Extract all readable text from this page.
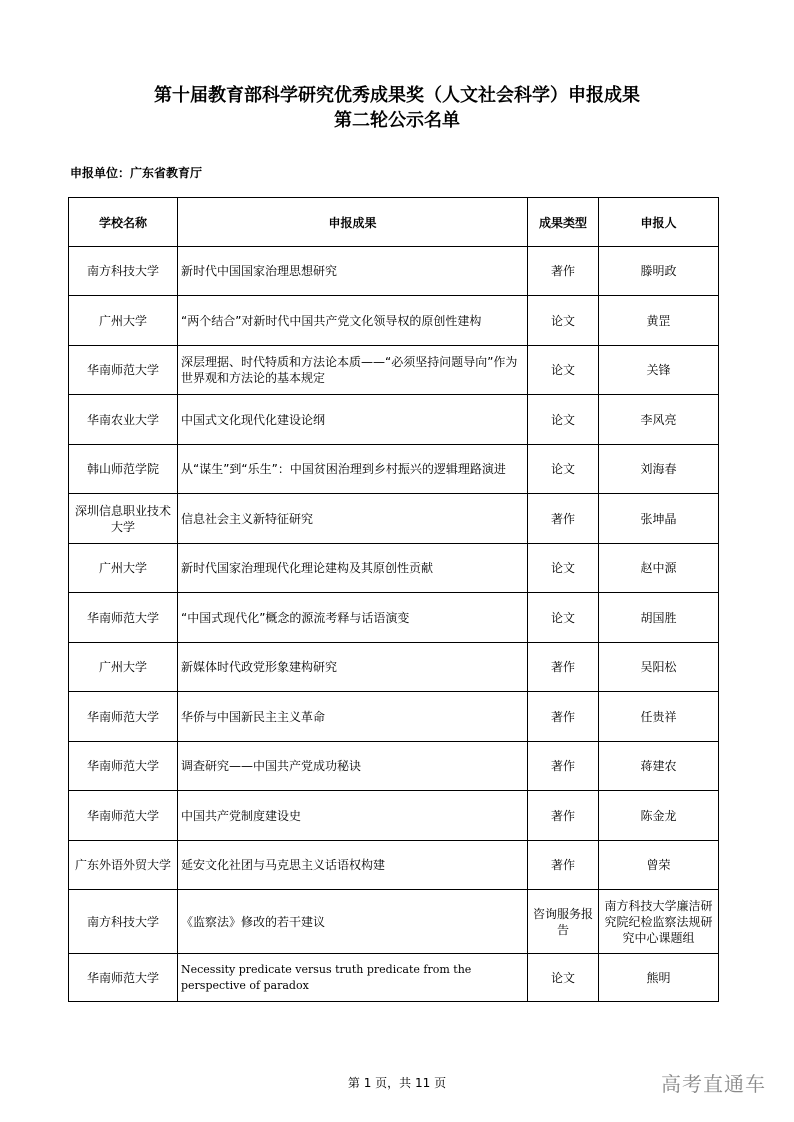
第十届教育部科学研究优秀成果奖（人文社会科学）申报成果
第二轮公示名单
申报单位：广东省教育厅
学校名称	申报成果	成果类型	申报人
南方科技大学	新时代中国国家治理思想研究	著作	滕明政
广州大学	“两个结合”对新时代中国共产党文化领导权的原创性建构	论文	黄罡
华南师范大学	深层理据、时代特质和方法论本质——“必须坚持问题导向”作为世界观和方法论的基本规定	论文	关锋
华南农业大学	中国式文化现代化建设论纲	论文	李风亮
韩山师范学院	从“谋生”到“乐生”：中国贫困治理到乡村振兴的逻辑理路演进	论文	刘海春
深圳信息职业技术大学	信息社会主义新特征研究	著作	张坤晶
广州大学	新时代国家治理现代化理论建构及其原创性贡献	论文	赵中源
华南师范大学	“中国式现代化”概念的源流考释与话语演变	论文	胡国胜
广州大学	新媒体时代政党形象建构研究	著作	吴阳松
华南师范大学	华侨与中国新民主主义革命	著作	任贵祥
华南师范大学	调查研究——中国共产党成功秘诀	著作	蒋建农
华南师范大学	中国共产党制度建设史	著作	陈金龙
广东外语外贸大学	延安文化社团与马克思主义话语权构建	著作	曾荣
南方科技大学	《监察法》修改的若干建议	咨询服务报告	南方科技大学廉洁研究院纪检监察法规研究中心课题组
华南师范大学	Necessity predicate versus truth predicate from the perspective of paradox	论文	熊明
第 1 页，共 11 页	高考直通车
